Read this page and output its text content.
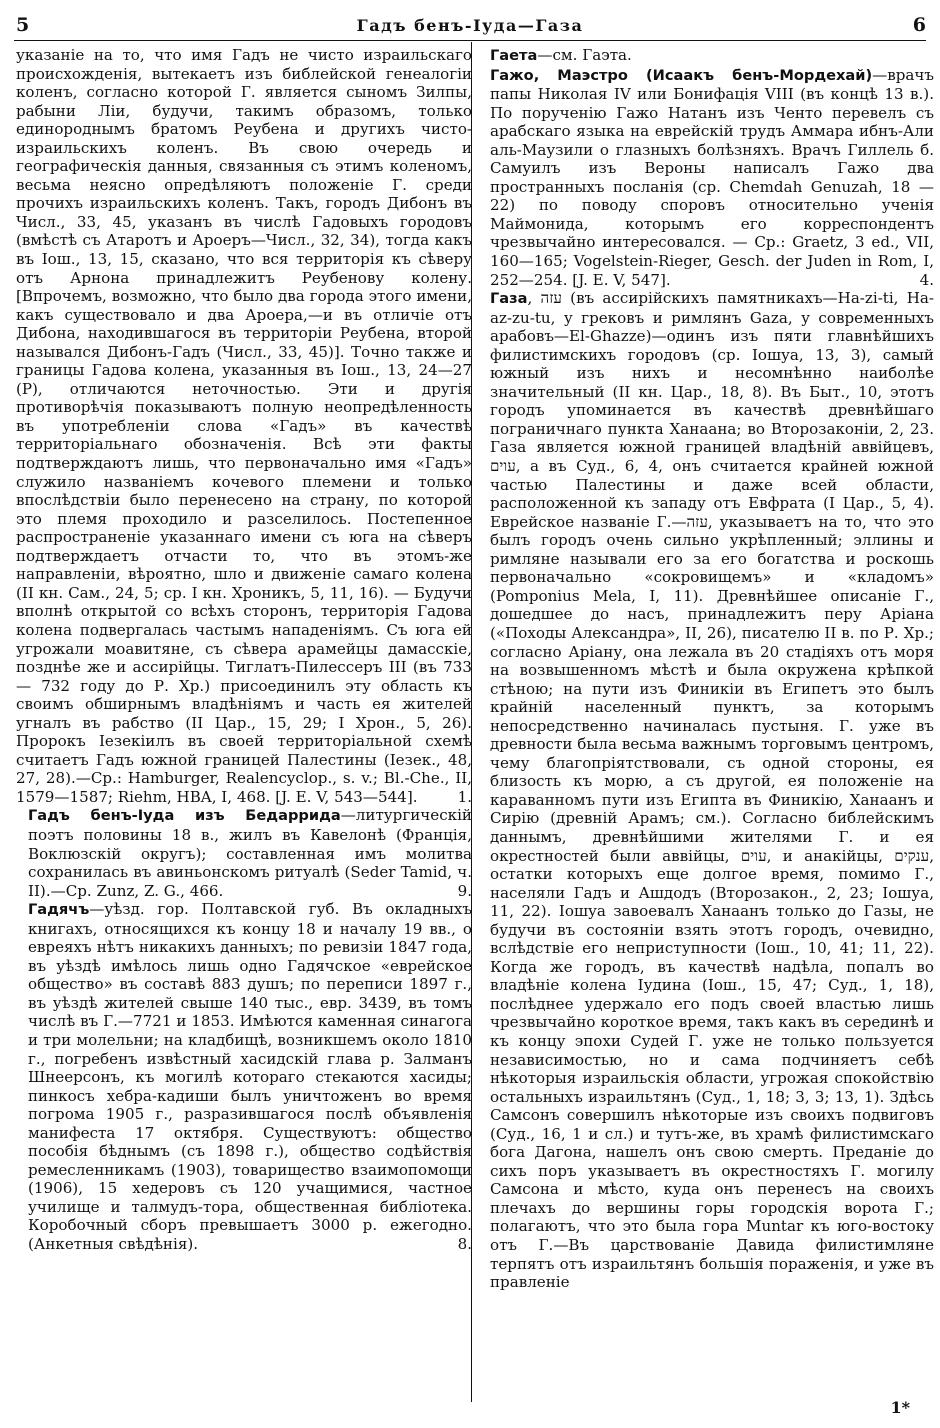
5	Гадъ бенъ-Іуда—Газа	6

указаніе на то, что имя Гадъ не чисто израильскаго происхожденія, вытекаетъ изъ библейской генеалогіи коленъ, согласно которой Г. является сыномъ Зилпы, рабыни Ліи, будучи, такимъ образомъ, только единороднымъ братомъ Реубена и другихъ чисто-израильскихъ коленъ. Въ свою очередь и географическія данныя, связанныя съ этимъ коленомъ, весьма неясно опредѣляютъ положеніе Г. среди прочихъ израильскихъ коленъ. Такъ, городъ Дибонъ въ Числ., 33, 45, указанъ въ числѣ Гадовыхъ городовъ (вмѣстѣ съ Атаротъ и Ароеръ—Числ., 32, 34), тогда какъ въ Іош., 13, 15, сказано, что вся территорія къ сѣверу отъ Арнона принадлежитъ Реубенову колену. [Впрочемъ, возможно, что было два города этого имени, какъ существовало и два Ароера,—и въ отличіе отъ Дибона, находившагося въ территоріи Реубена, второй назывался Дибонъ-Гадъ (Числ., 33, 45)]. Точно также и границы Гадова колена, указанныя въ Іош., 13, 24—27 (P), отличаются неточностью. Эти и другія противорѣчія показываютъ полную неопредѣленность въ употребленіи слова «Гадъ» въ качествѣ территоріальнаго обозначенія. Всѣ эти факты подтверждаютъ лишь, что первоначально имя «Гадъ» служило названіемъ кочевого племени и только впослѣдствіи было перенесено на страну, по которой это племя проходило и разселилось. Постепенное распространеніе указаннаго имени съ юга на сѣверъ подтверждаетъ отчасти то, что въ этомъ-же направленіи, вѣроятно, шло и движеніе самаго колена (II кн. Сам., 24, 5; ср. I кн. Хроникъ, 5, 11, 16). — Будучи вполнѣ открытой со всѣхъ сторонъ, территорія Гадова колена подвергалась частымъ нападеніямъ. Съ юга ей угрожали моавитяне, съ сѣвера арамейцы дамасскіе, позднѣе же и ассирійцы. Тиглатъ-Пилессеръ III (въ 733 — 732 году до Р. Хр.) присоединилъ эту область къ своимъ обширнымъ владѣніямъ и часть ея жителей угналъ въ рабство (II Цар., 15, 29; I Хрон., 5, 26). Пророкъ Іезекіилъ въ своей территоріальной схемѣ считаетъ Гадъ южной границей Палестины (Іезек., 48, 27, 28).—Cp.: Hamburger, Realencyclop., s. v.; Bl.-Che., II, 1579—1587; Riehm, HBA, I, 468. [J. E. V, 543—544].	1.

Гадъ бенъ-Іуда изъ Бедаррида—литургическій поэтъ половины 18 в., жилъ въ Кавелонѣ (Франція, Воклюзскій округъ); составленная имъ молитва сохранилась въ авиньонскомъ ритуалѣ (Seder Tamid, ч. II).—Cp. Zunz, Z. G., 466.	9.

Гадячъ—уѣзд. гор. Полтавской губ. Въ окладныхъ книгахъ, относящихся къ концу 18 и началу 19 вв., о евреяхъ нѣтъ никакихъ данныхъ; по ревизіи 1847 года, въ уѣздѣ имѣлось лишь одно Гадячское «еврейское общество» въ составѣ 883 душъ; по переписи 1897 г., въ уѣздѣ жителей свыше 140 тыс., евр. 3439, въ томъ числѣ въ Г.—7721 и 1853. Имѣются каменная синагога и три молельни; на кладбищѣ, возникшемъ около 1810 г., погребенъ извѣстный хасидскій глава р. Залманъ Шнеерсонъ, къ могилѣ котораго стекаются хасиды; пинкосъ хебра-кадиши былъ уничтоженъ во время погрома 1905 г., разразившагося послѣ объявленія манифеста 17 октября. Существуютъ: общество пособія бѣднымъ (съ 1898 г.), общество содѣйствія ремесленникамъ (1903), товарищество взаимопомощи (1906), 15 хедеровъ съ 120 учащимися, частное училище и талмудъ-тора, общественная библіотека. Коробочный сборъ превышаетъ 3000 р. ежегодно. (Анкетныя свѣдѣнія).	8.

Гаета—см. Гаэта.

Гажо, Маэстро (Исаакъ бенъ-Мордехай)—врачъ папы Николая IV или Бонифація VIII (въ концѣ 13 в.). По порученію Гажо Натанъ изъ Ченто перевелъ съ арабскаго языка на еврейскій трудъ Аммара ибнъ-Али аль-Маузили о глазныхъ болѣзняхъ. Врачъ Гиллель б. Самуилъ изъ Вероны написалъ Гажо два пространныхъ посланія (ср. Chemdah Genuzah, 18 — 22) по поводу споровъ относительно ученія Маймонида, которымъ его корреспондентъ чрезвычайно интересовался. — Cp.: Graetz, 3 ed., VII, 160—165; Vogelstein-Rieger, Gesch. der Juden in Rom, I, 252—254. [J. E. V, 547].	4.

Газа, עזה (въ ассирійскихъ памятникахъ—Ha-zi-ti, Ha-az-zu-tu, у грековъ и римлянъ Gaza, у современныхъ арабовъ—El-Ghazze)—одинъ изъ пяти главнѣйшихъ филистимскихъ городовъ (ср. Іошуа, 13, 3), самый южный изъ нихъ и несомнѣнно наиболѣе значительный (II кн. Цар., 18, 8). Въ Быт., 10, этотъ городъ упоминается въ качествѣ древнѣйшаго пограничнаго пункта Ханаана; во Второзаконіи, 2, 23. Газа является южной границей владѣній аввійцевъ, עוים, а въ Суд., 6, 4, онъ считается крайней южной частью Палестины и даже всей области, расположенной къ западу отъ Евфрата (I Цар., 5, 4). Еврейское названіе Г.—עזה, указываетъ на то, что это былъ городъ очень сильно укрѣпленный; эллины и римляне называли его за его богатства и роскошь первоначально «сокровищемъ» и «кладомъ» (Pomponius Mela, I, 11). Древнѣйшее описаніе Г., дошедшее до насъ, принадлежитъ перу Аріана («Походы Александра», II, 26), писателю II в. по Р. Хр.; согласно Аріану, она лежала въ 20 стадіяхъ отъ моря на возвышенномъ мѣстѣ и была окружена крѣпкой стѣною; на пути изъ Финикіи въ Египетъ это былъ крайній населенный пунктъ, за которымъ непосредственно начиналась пустыня. Г. уже въ древности была весьма важнымъ торговымъ центромъ, чему благопріятствовали, съ одной стороны, ея близость къ морю, а съ другой, ея положеніе на караванномъ пути изъ Египта въ Финикію, Ханаанъ и Сирію (древній Арамъ; см.). Согласно библейскимъ даннымъ, древнѣйшими жителями Г. и ея окрестностей были аввійцы, עוים, и анакійцы, ענקים, остатки которыхъ еще долгое время, помимо Г., населяли Гадъ и Ашдодъ (Второзакон., 2, 23; Іошуа, 11, 22). Іошуа завоевалъ Ханаанъ только до Газы, не будучи въ состояніи взять этотъ городъ, очевидно, вслѣдствіе его неприступности (Іош., 10, 41; 11, 22). Когда же городъ, въ качествѣ надѣла, попалъ во владѣніе колена Іудина (Іош., 15, 47; Суд., 1, 18), послѣднее удержало его подъ своей властью лишь чрезвычайно короткое время, такъ какъ въ серединѣ и къ концу эпохи Судей Г. уже не только пользуется независимостью, но и сама подчиняетъ себѣ нѣкоторыя израильскія области, угрожая спокойствію остальныхъ израильтянъ (Суд., 1, 18; 3, 3; 13, 1). Здѣсь Самсонъ совершилъ нѣкоторые изъ своихъ подвиговъ (Суд., 16, 1 и сл.) и тутъ-же, въ храмѣ филистимскаго бога Дагона, нашелъ онъ свою смерть. Преданіе до сихъ поръ указываетъ въ окрестностяхъ Г. могилу Самсона и мѣсто, куда онъ перенесъ на своихъ плечахъ до вершины горы городскія ворота Г.; полагаютъ, что это была гора Muntar къ юго-востоку отъ Г.—Въ царствованіе Давида филистимляне терпятъ отъ израильтянъ большія пораженія, и уже въ правленіе

1*
